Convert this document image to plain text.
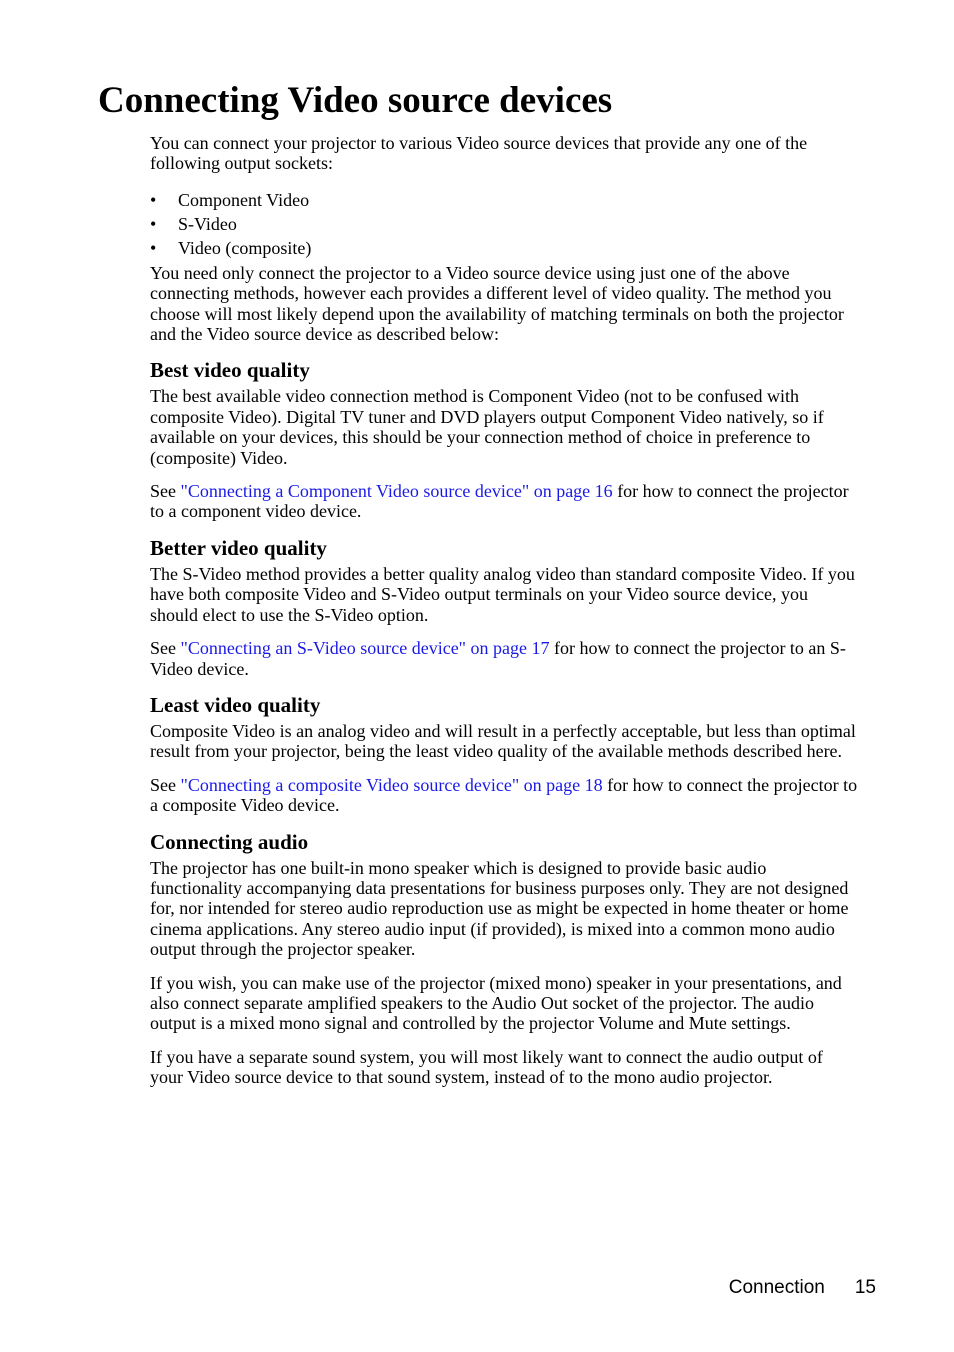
Connecting Video source devices

You can connect your projector to various Video source devices that provide any one of the following output sockets:

• Component Video
• S-Video
• Video (composite)

You need only connect the projector to a Video source device using just one of the above connecting methods, however each provides a different level of video quality. The method you choose will most likely depend upon the availability of matching terminals on both the projector and the Video source device as described below:

Best video quality

The best available video connection method is Component Video (not to be confused with composite Video). Digital TV tuner and DVD players output Component Video natively, so if available on your devices, this should be your connection method of choice in preference to (composite) Video.

See "Connecting a Component Video source device" on page 16 for how to connect the projector to a component video device.

Better video quality

The S-Video method provides a better quality analog video than standard composite Video. If you have both composite Video and S-Video output terminals on your Video source device, you should elect to use the S-Video option.

See "Connecting an S-Video source device" on page 17 for how to connect the projector to an S-Video device.

Least video quality

Composite Video is an analog video and will result in a perfectly acceptable, but less than optimal result from your projector, being the least video quality of the available methods described here.

See "Connecting a composite Video source device" on page 18 for how to connect the projector to a composite Video device.

Connecting audio

The projector has one built-in mono speaker which is designed to provide basic audio functionality accompanying data presentations for business purposes only. They are not designed for, nor intended for stereo audio reproduction use as might be expected in home theater or home cinema applications. Any stereo audio input (if provided), is mixed into a common mono audio output through the projector speaker.

If you wish, you can make use of the projector (mixed mono) speaker in your presentations, and also connect separate amplified speakers to the Audio Out socket of the projector. The audio output is a mixed mono signal and controlled by the projector Volume and Mute settings.

If you have a separate sound system, you will most likely want to connect the audio output of your Video source device to that sound system, instead of to the mono audio projector.

Connection 15
